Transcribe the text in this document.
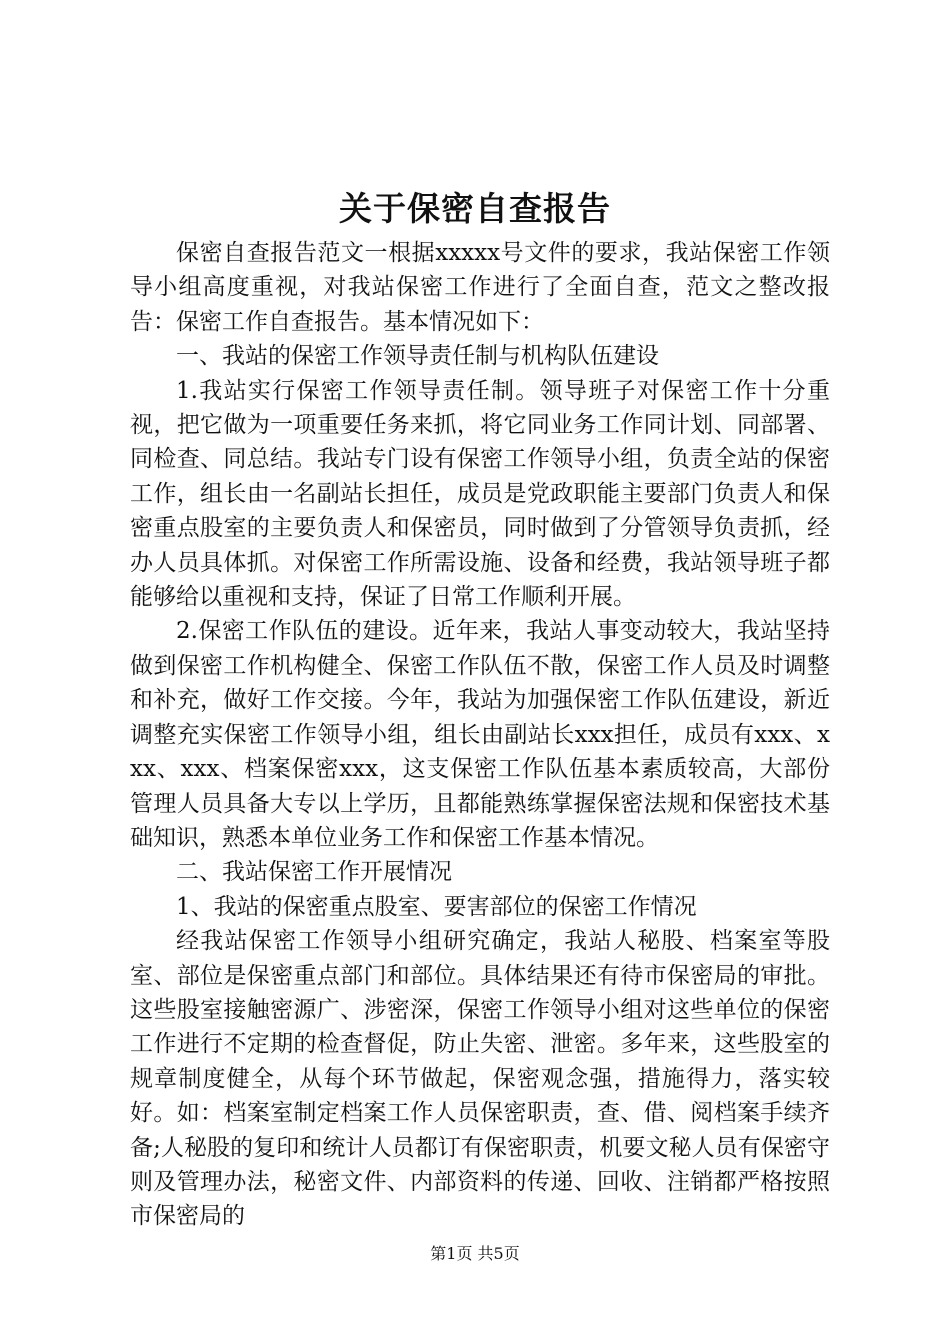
关于保密自查报告

保密自查报告范文一根据xxxxx号文件的要求，我站保密工作领导小组高度重视，对我站保密工作进行了全面自查，范文之整改报告：保密工作自查报告。基本情况如下：

一、我站的保密工作领导责任制与机构队伍建设

1.我站实行保密工作领导责任制。领导班子对保密工作十分重视，把它做为一项重要任务来抓，将它同业务工作同计划、同部署、同检查、同总结。我站专门设有保密工作领导小组，负责全站的保密工作，组长由一名副站长担任，成员是党政职能主要部门负责人和保密重点股室的主要负责人和保密员，同时做到了分管领导负责抓，经办人员具体抓。对保密工作所需设施、设备和经费，我站领导班子都能够给以重视和支持，保证了日常工作顺利开展。

2.保密工作队伍的建设。近年来，我站人事变动较大，我站坚持做到保密工作机构健全、保密工作队伍不散，保密工作人员及时调整和补充，做好工作交接。今年，我站为加强保密工作队伍建设，新近调整充实保密工作领导小组，组长由副站长xxx担任，成员有xxx、xxx、xxx、档案保密xxx，这支保密工作队伍基本素质较高，大部份管理人员具备大专以上学历，且都能熟练掌握保密法规和保密技术基础知识，熟悉本单位业务工作和保密工作基本情况。

二、我站保密工作开展情况

1、我站的保密重点股室、要害部位的保密工作情况

经我站保密工作领导小组研究确定，我站人秘股、档案室等股室、部位是保密重点部门和部位。具体结果还有待市保密局的审批。这些股室接触密源广、涉密深，保密工作领导小组对这些单位的保密工作进行不定期的检查督促，防止失密、泄密。多年来，这些股室的规章制度健全，从每个环节做起，保密观念强，措施得力，落实较好。如：档案室制定档案工作人员保密职责，查、借、阅档案手续齐备;人秘股的复印和统计人员都订有保密职责，机要文秘人员有保密守则及管理办法，秘密文件、内部资料的传递、回收、注销都严格按照市保密局的

第1页 共5页
